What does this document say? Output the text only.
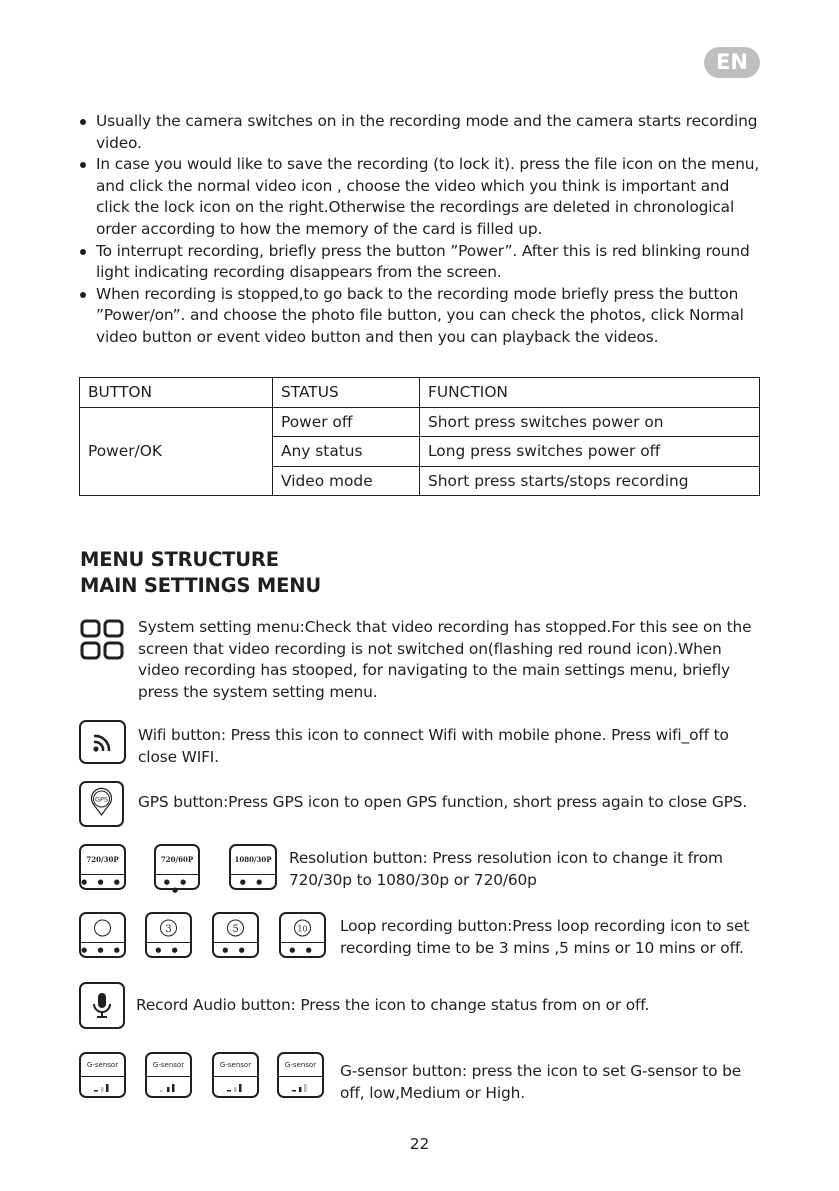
EN
Usually the camera switches on in the recording mode and the camera starts recording video.
In case you would like to save the recording (to lock it). press the file icon on the menu, and click the normal video icon , choose the video which you think is important and click the lock icon on the right.Otherwise the recordings are deleted in chronological order according to how the memory of the card is filled up.
To interrupt recording, briefly press the button ”Power”. After this is red blinking round light indicating recording disappears from the screen.
When recording is stopped,to go back to the recording mode briefly press the button ”Power/on”. and choose the photo file button, you can check the photos, click Normal video button or event video button and then you can playback the videos.
BUTTON	STATUS	FUNCTION
Power/OK	Power off	Short press switches power on
	Any status	Long press switches power off
	Video mode	Short press starts/stops recording
MENU STRUCTURE
MAIN SETTINGS MENU

System setting menu:Check that video recording has stopped.For this see on the screen that video recording is not switched on(flashing red round icon).When video recording has stooped, for navigating to the main settings menu, briefly press the system setting menu.

Wifi button: Press this icon to connect Wifi with mobile phone. Press wifi_off to close WIFI.

GPS GPS button:Press GPS icon to open GPS function, short press again to close GPS.

720/30P
● ● ●
720/60P
● ● ●
1080/30P
● ●

Resolution button: Press resolution icon to change it from 720/30p to 1080/30p or 720/60p

● ● ●
3
● ●
5
● ●
10
● ●

Loop recording button:Press loop recording icon to set recording time to be 3 mins ,5 mins or 10 mins or off.

Record Audio button: Press the icon to change status from on or off.

G-sensor	G-sensor	G-sensor	G-sensor	G-sensor button: press the icon to set G-sensor to be off, low,Medium or High.

22
